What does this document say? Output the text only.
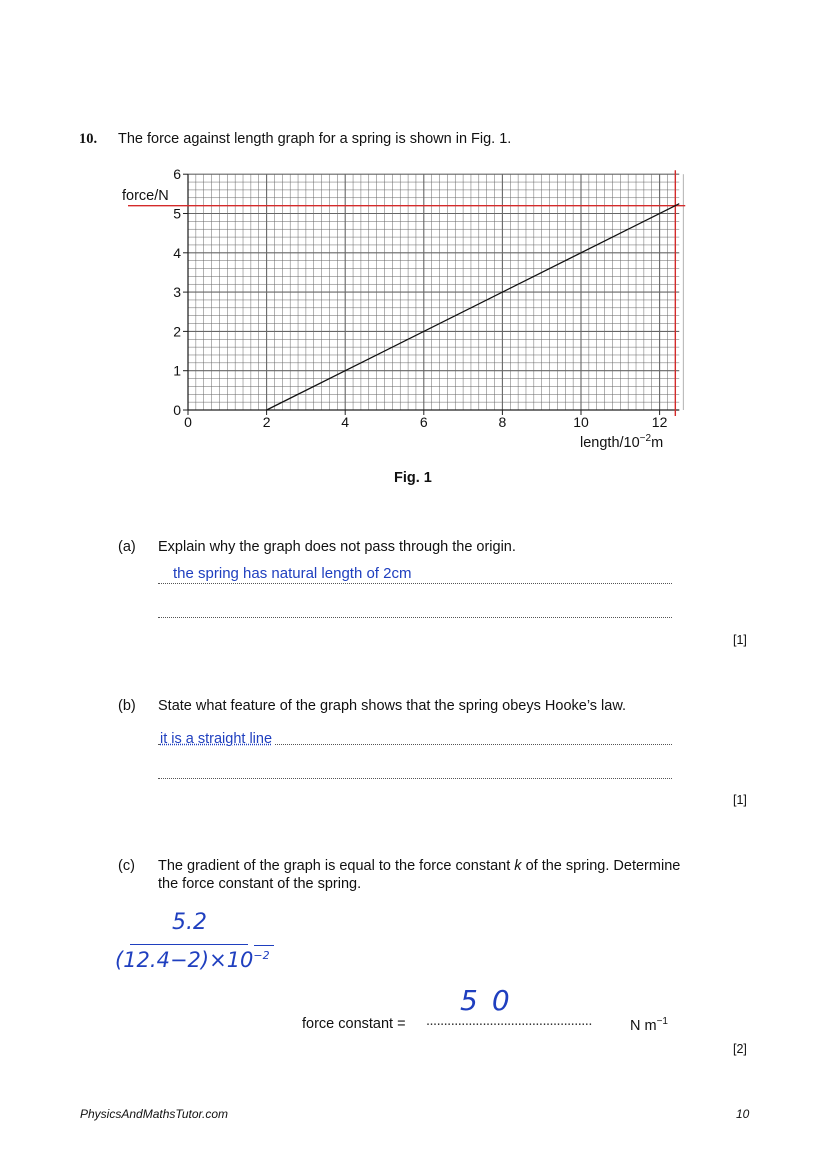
10. The force against length graph for a spring is shown in Fig. 1.
force/N
length/$10^{-2}m$
0	2	4	6	8	10	12
0
1
2
3
4
5
6
Fig. 1
(a) Explain why the graph does not pass through the origin.
the spring has natural length of 2cm
[1]
(b) State what feature of the graph shows that the spring obeys Hooke’s law.
it is a straight line
[1]
(c) The gradient of the graph is equal to the force constant k of the spring. Determine
the force constant of the spring.
5.2
$(12.4-2)\times 10^{-2}$
force constant = ...............................................
50
N $m^{-1}$
[2]
PhysicsAndMathsTutor.com	10
